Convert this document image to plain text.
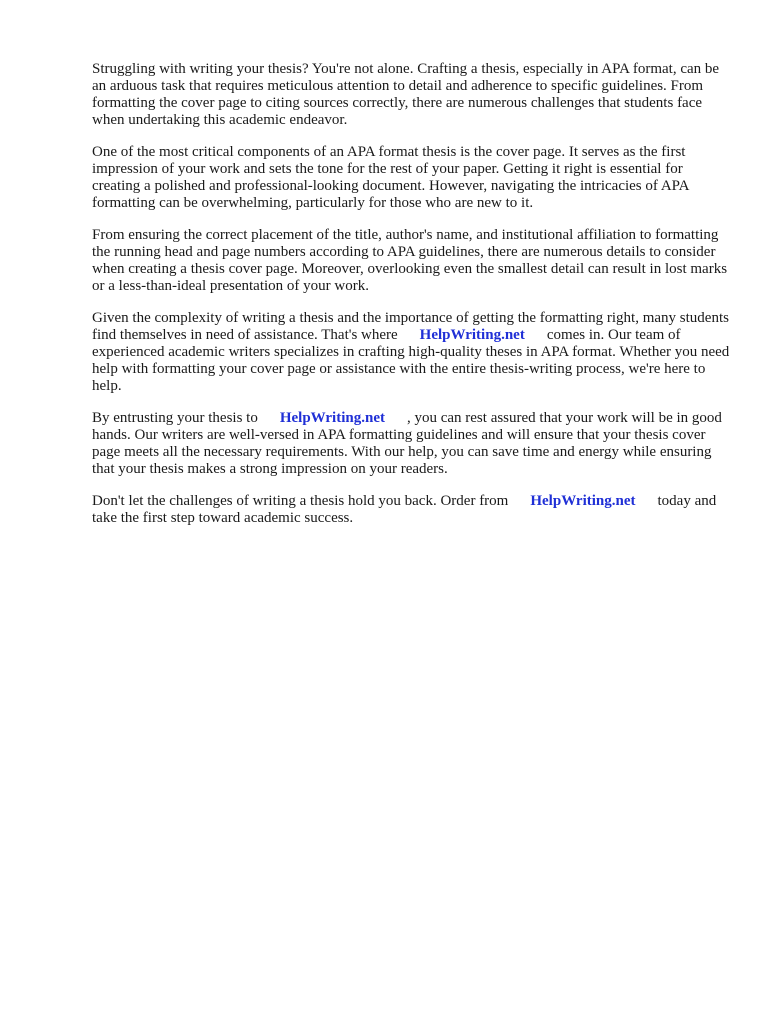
Struggling with writing your thesis? You're not alone. Crafting a thesis, especially in APA format, can be an arduous task that requires meticulous attention to detail and adherence to specific guidelines. From formatting the cover page to citing sources correctly, there are numerous challenges that students face when undertaking this academic endeavor.

One of the most critical components of an APA format thesis is the cover page. It serves as the first impression of your work and sets the tone for the rest of your paper. Getting it right is essential for creating a polished and professional-looking document. However, navigating the intricacies of APA formatting can be overwhelming, particularly for those who are new to it.

From ensuring the correct placement of the title, author's name, and institutional affiliation to formatting the running head and page numbers according to APA guidelines, there are numerous details to consider when creating a thesis cover page. Moreover, overlooking even the smallest detail can result in lost marks or a less-than-ideal presentation of your work.

Given the complexity of writing a thesis and the importance of getting the formatting right, many students find themselves in need of assistance. That's where HelpWriting.net comes in. Our team of experienced academic writers specializes in crafting high-quality theses in APA format. Whether you need help with formatting your cover page or assistance with the entire thesis-writing process, we're here to help.

By entrusting your thesis to HelpWriting.net , you can rest assured that your work will be in good hands. Our writers are well-versed in APA formatting guidelines and will ensure that your thesis cover page meets all the necessary requirements. With our help, you can save time and energy while ensuring that your thesis makes a strong impression on your readers.

Don't let the challenges of writing a thesis hold you back. Order from HelpWriting.net today and take the first step toward academic success.
